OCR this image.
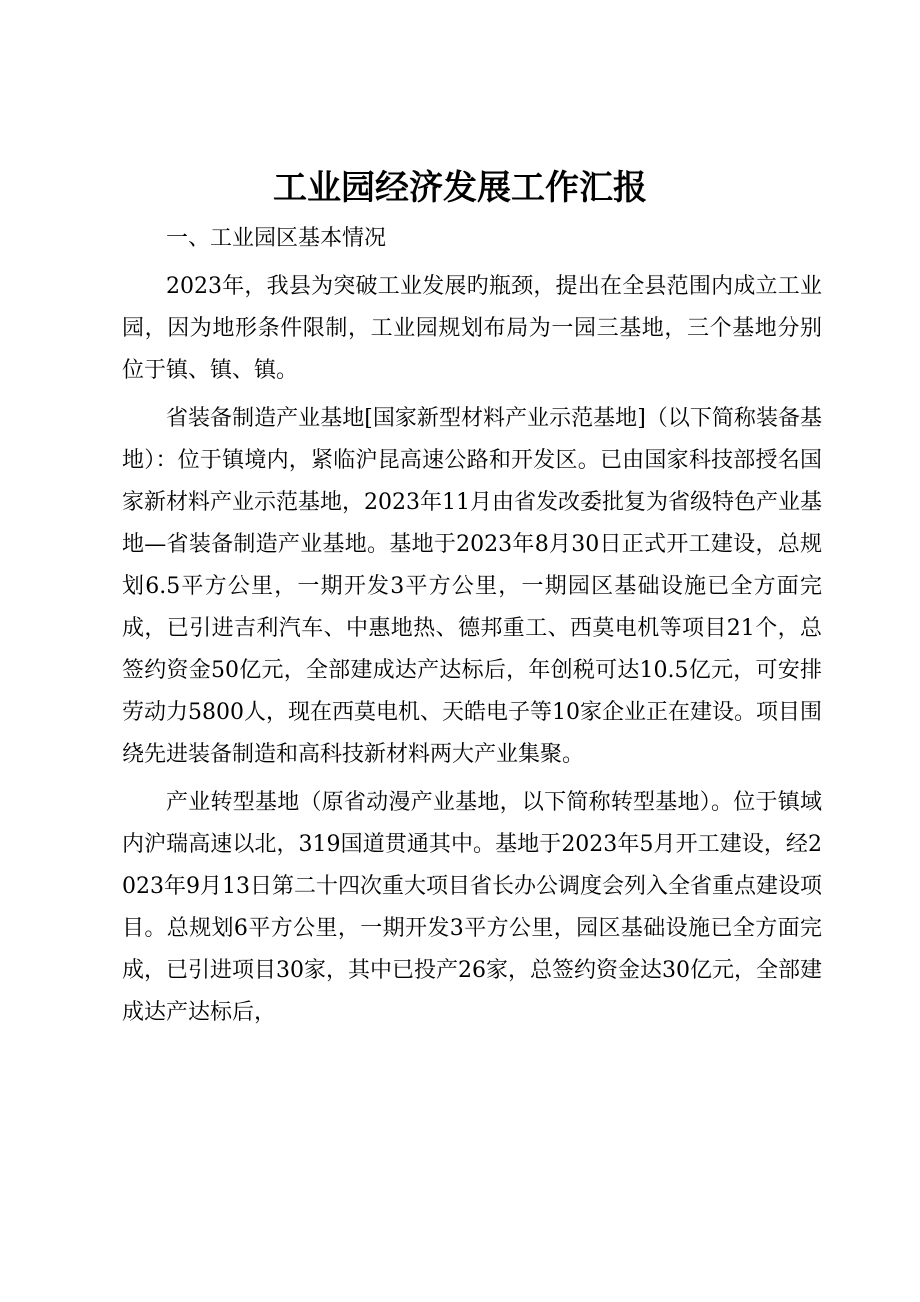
工业园经济发展工作汇报

一、工业园区基本情况

2023年，我县为突破工业发展旳瓶颈，提出在全县范围内成立工业园，因为地形条件限制，工业园规划布局为一园三基地，三个基地分别位于镇、镇、镇。

省装备制造产业基地[国家新型材料产业示范基地]（以下简称装备基地）：位于镇境内，紧临沪昆高速公路和开发区。已由国家科技部授名国家新材料产业示范基地，2023年11月由省发改委批复为省级特色产业基地—省装备制造产业基地。基地于2023年8月30日正式开工建设，总规划6.5平方公里，一期开发3平方公里，一期园区基础设施已全方面完成，已引进吉利汽车、中惠地热、德邦重工、西莫电机等项目21个，总签约资金50亿元，全部建成达产达标后，年创税可达10.5亿元，可安排劳动力5800人，现在西莫电机、天皓电子等10家企业正在建设。项目围绕先进装备制造和高科技新材料两大产业集聚。

产业转型基地（原省动漫产业基地，以下简称转型基地）。位于镇域内沪瑞高速以北，319国道贯通其中。基地于2023年5月开工建设，经2023年9月13日第二十四次重大项目省长办公调度会列入全省重点建设项目。总规划6平方公里，一期开发3平方公里，园区基础设施已全方面完成，已引进项目30家，其中已投产26家，总签约资金达30亿元，全部建成达产达标后，
